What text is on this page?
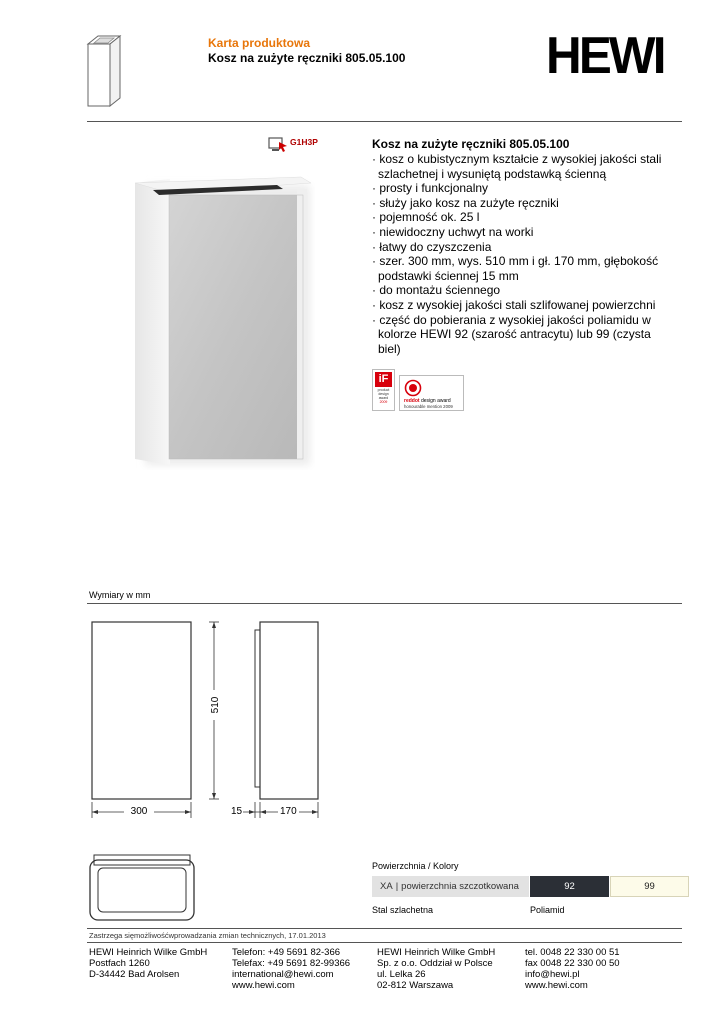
Karta produktowa
Kosz na zużyte ręczniki 805.05.100	HEWI
G1H3P	Kosz na zużyte ręczniki 805.05.100
· kosz o kubistycznym kształcie z wysokiej jakości stali
szlachetnej i wysuniętą podstawką ścienną
· prosty i funkcjonalny
· służy jako kosz na zużyte ręczniki
· pojemność ok. 25 l
· niewidoczny uchwyt na worki
· łatwy do czyszczenia
· szer. 300 mm, wys. 510 mm i gł. 170 mm, głębokość
podstawki ściennej 15 mm
· do montażu ściennego
· kosz z wysokiej jakości stali szlifowanej powierzchni
· część do pobierania z wysokiej jakości poliamidu w
kolorze HEWI 92 (szarość antracytu) lub 99 (czysta
biel)
iF
product
design
award
2009	reddot design award
honourable mention 2009
Wymiary w mm
510
300	15	170
Powierzchnia / Kolory
XA | powierzchnia szczotkowana	92	99
Stal szlachetna	Poliamid
Zastrzega sięmożliwośćwprowadzania zmian technicznych, 17.01.2013
HEWI Heinrich Wilke GmbH
Postfach 1260
D-34442 Bad Arolsen
Telefon: +49 5691 82-366
Telefax: +49 5691 82-99366
international@hewi.com
www.hewi.com
HEWI Heinrich Wilke GmbH
Sp. z o.o. Oddział w Polsce
ul. Lelka 26
02-812 Warszawa
tel. 0048 22 330 00 51
fax 0048 22 330 00 50
info@hewi.pl
www.hewi.com
